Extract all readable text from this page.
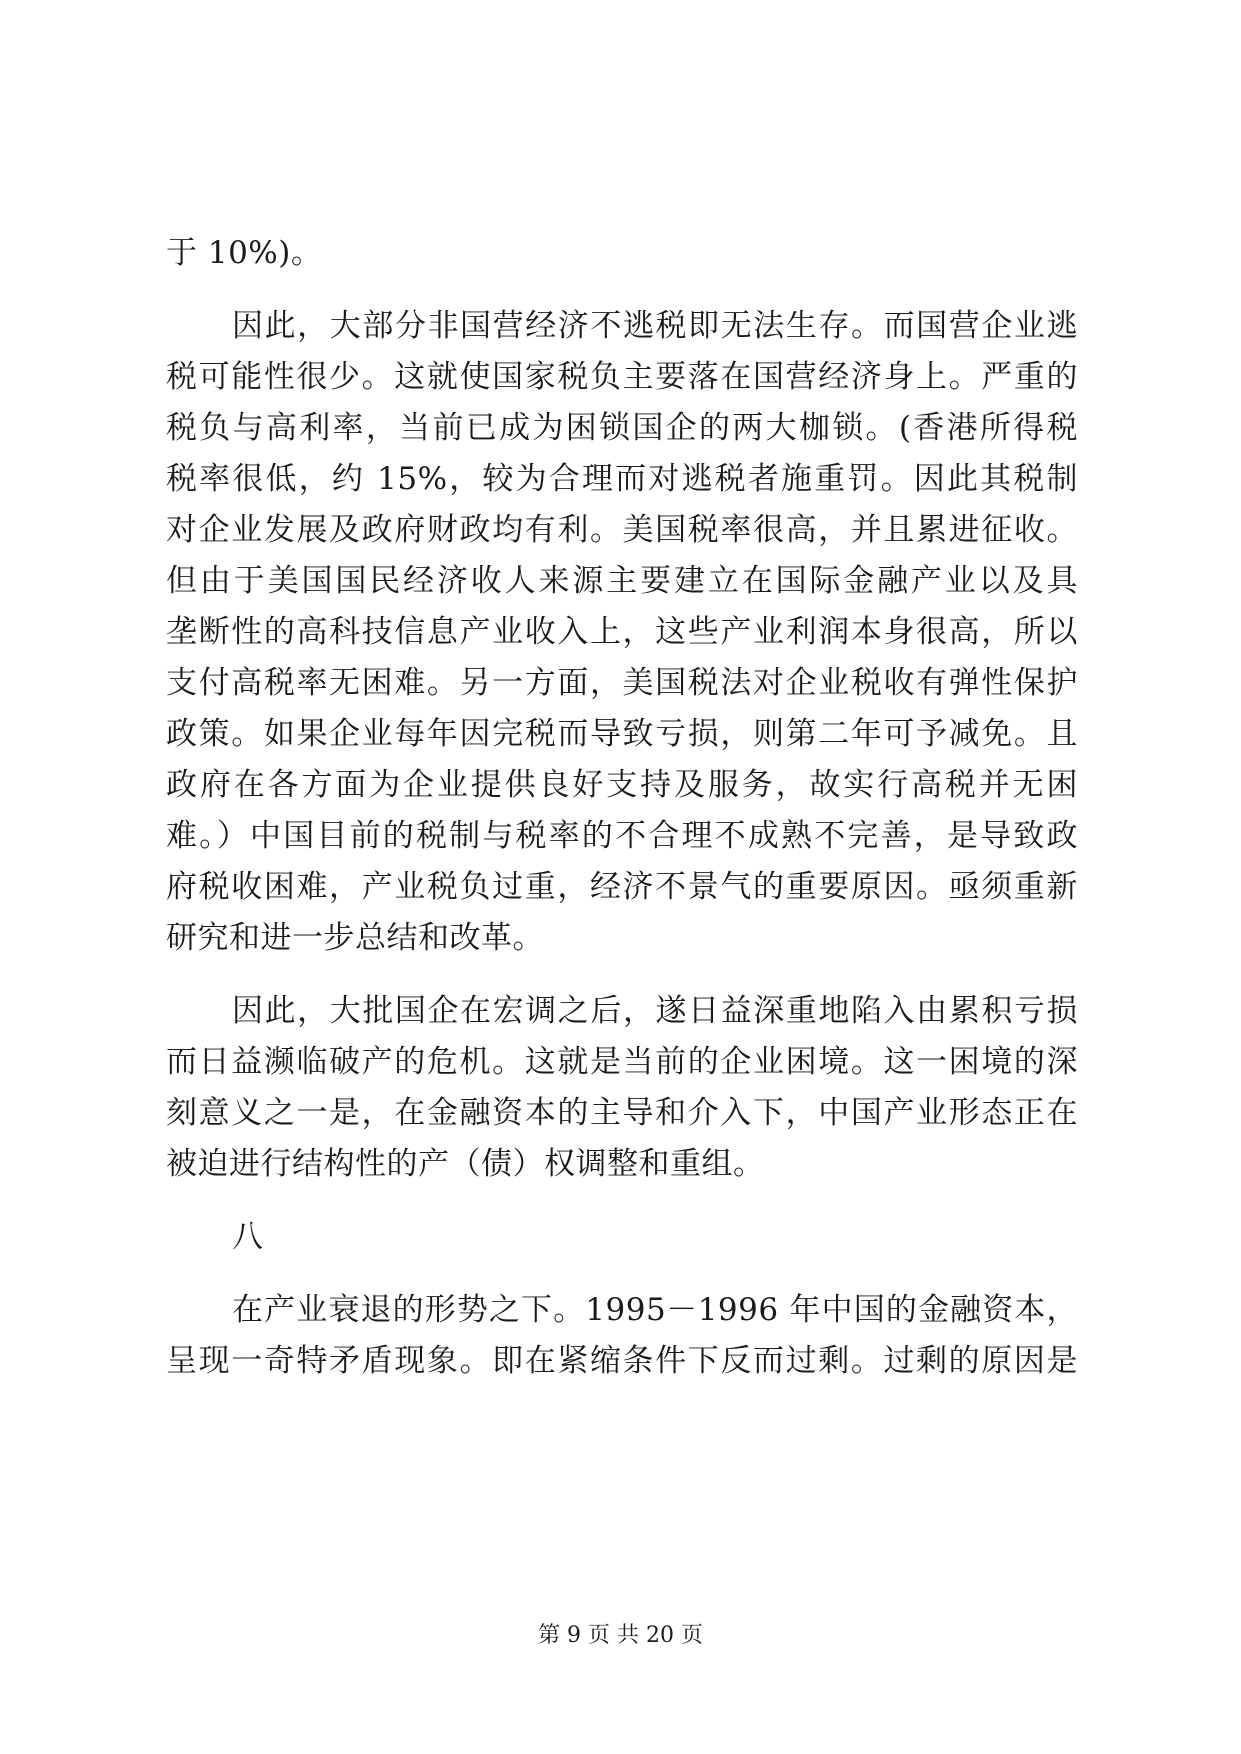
于 10%)。
因此，大部分非国营经济不逃税即无法生存。而国营企业逃
税可能性很少。这就使国家税负主要落在国营经济身上。严重的
税负与高利率，当前已成为困锁国企的两大枷锁。(香港所得税
税率很低，约 15%，较为合理而对逃税者施重罚。因此其税制
对企业发展及政府财政均有利。美国税率很高，并且累进征收。
但由于美国国民经济收人来源主要建立在国际金融产业以及具
垄断性的高科技信息产业收入上，这些产业利润本身很高，所以
支付高税率无困难。另一方面，美国税法对企业税收有弹性保护
政策。如果企业每年因完税而导致亏损，则第二年可予减免。且
政府在各方面为企业提供良好支持及服务，故实行高税并无困
难。）中国目前的税制与税率的不合理不成熟不完善，是导致政
府税收困难，产业税负过重，经济不景气的重要原因。亟须重新
研究和进一步总结和改革。
因此，大批国企在宏调之后，遂日益深重地陷入由累积亏损
而日益濒临破产的危机。这就是当前的企业困境。这一困境的深
刻意义之一是，在金融资本的主导和介入下，中国产业形态正在
被迫进行结构性的产（债）权调整和重组。
八
在产业衰退的形势之下。1995－1996 年中国的金融资本，
呈现一奇特矛盾现象。即在紧缩条件下反而过剩。过剩的原因是
第 9 页 共 20 页
